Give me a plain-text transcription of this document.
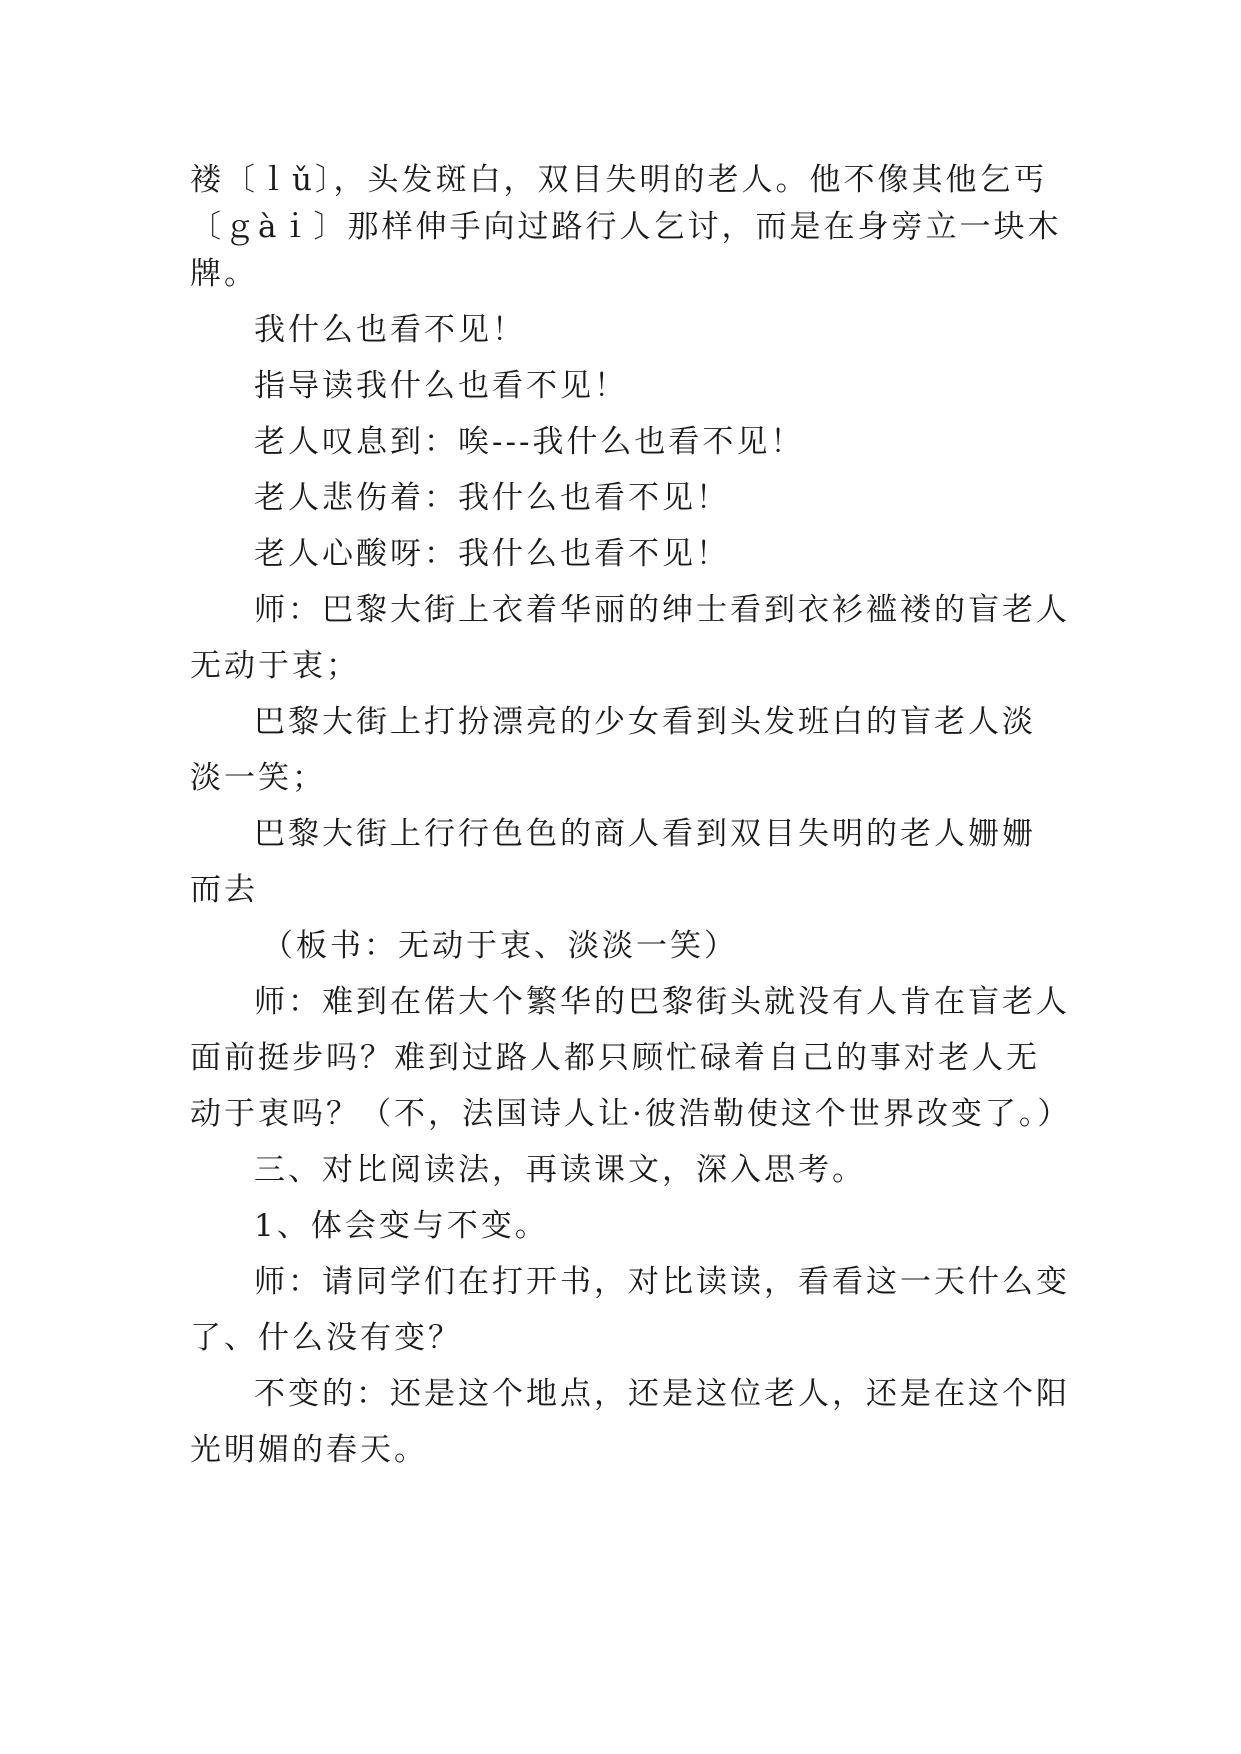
褛〔ｌǔ〕，头发斑白，双目失明的老人。他不像其他乞丐
〔ｇàｉ〕那样伸手向过路行人乞讨，而是在身旁立一块木
牌。
我什么也看不见！
指导读我什么也看不见！
老人叹息到：唉---我什么也看不见！
老人悲伤着：我什么也看不见！
老人心酸呀：我什么也看不见！
师：巴黎大街上衣着华丽的绅士看到衣衫褴褛的盲老人
无动于衷；
巴黎大街上打扮漂亮的少女看到头发班白的盲老人淡
淡一笑；
巴黎大街上行行色色的商人看到双目失明的老人姗姗
而去
（板书：无动于衷、淡淡一笑）
师：难到在偌大个繁华的巴黎街头就没有人肯在盲老人
面前挺步吗？难到过路人都只顾忙碌着自己的事对老人无
动于衷吗？（不，法国诗人让·彼浩勒使这个世界改变了。）
三、对比阅读法，再读课文，深入思考。
1、体会变与不变。
师：请同学们在打开书，对比读读，看看这一天什么变
了、什么没有变？
不变的：还是这个地点，还是这位老人，还是在这个阳
光明媚的春天。
